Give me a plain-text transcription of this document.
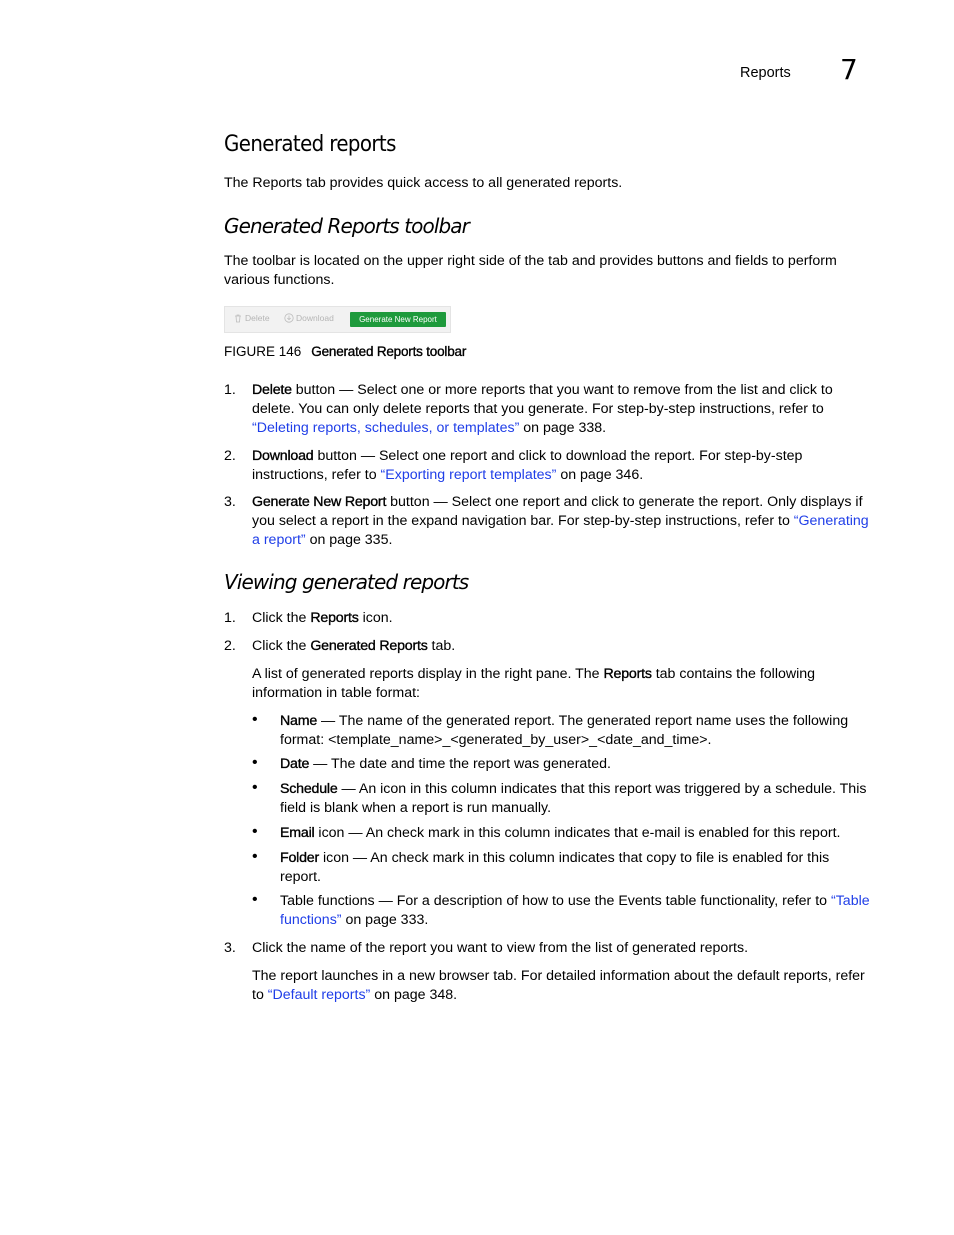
Reports 7
Generated reports

The Reports tab provides quick access to all generated reports.

Generated Reports toolbar

The toolbar is located on the upper right side of the tab and provides buttons and fields to perform various functions.

Delete	Download	Generate New Report
FIGURE 146 Generated Reports toolbar
1. Delete button — Select one or more reports that you want to remove from the list and click to delete. You can only delete reports that you generate. For step-by-step instructions, refer to “Deleting reports, schedules, or templates” on page 338.

2. Download button — Select one report and click to download the report. For step-by-step instructions, refer to “Exporting report templates” on page 346.

3. Generate New Report button — Select one report and click to generate the report. Only displays if you select a report in the expand navigation bar. For step-by-step instructions, refer to “Generating a report” on page 335.

Viewing generated reports
1. Click the Reports icon.

2. Click the Generated Reports tab.

A list of generated reports display in the right pane. The Reports tab contains the following information in table format:

• Name — The name of the generated report. The generated report name uses the following format: <template_name>_<generated_by_user>_<date_and_time>.

• Date — The date and time the report was generated.

• Schedule — An icon in this column indicates that this report was triggered by a schedule. This field is blank when a report is run manually.

• Email icon — An check mark in this column indicates that e-mail is enabled for this report.

• Folder icon — An check mark in this column indicates that copy to file is enabled for this report.

• Table functions — For a description of how to use the Events table functionality, refer to “Table functions” on page 333.

3. Click the name of the report you want to view from the list of generated reports.

The report launches in a new browser tab. For detailed information about the default reports, refer to “Default reports” on page 348.
